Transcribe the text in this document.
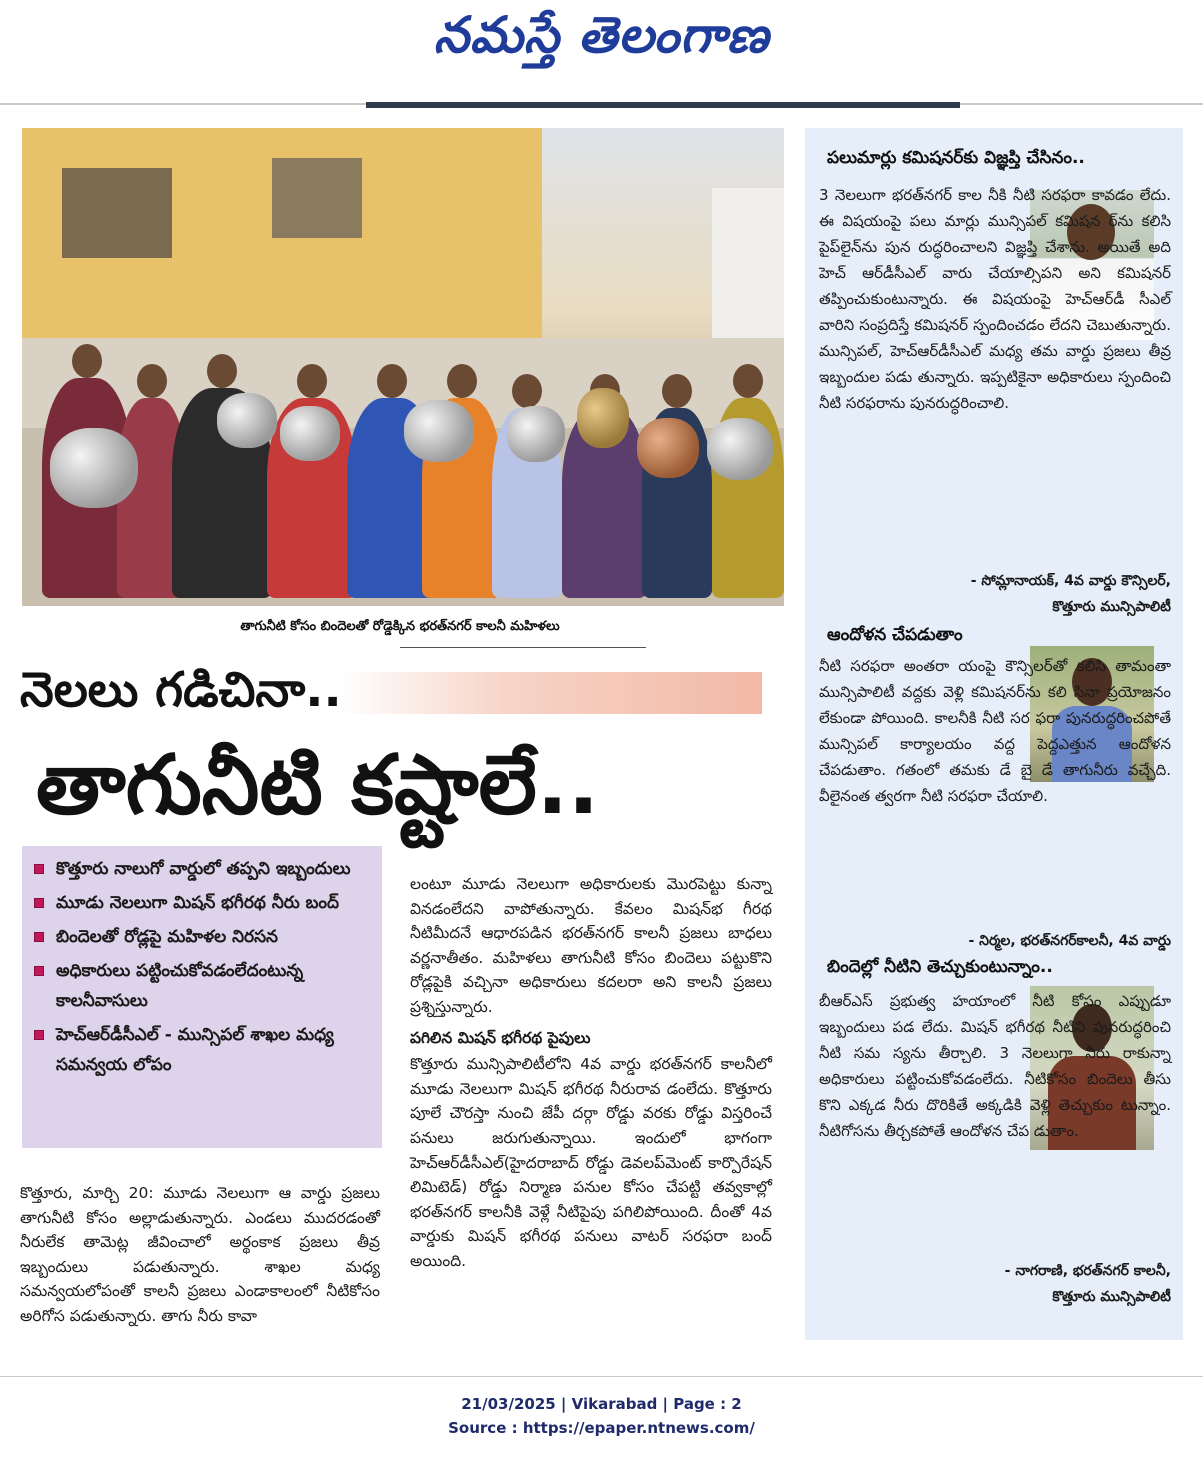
నమస్తే తెలంగాణ
తాగునీటి కోసం బిందెలతో రోడ్డెక్కిన భరత్‌నగర్ కాలనీ మహిళలు
నెలలు గడిచినా..
తాగునీటి కష్టాలే..
కొత్తూరు నాలుగో వార్డులో తప్పని ఇబ్బందులు
మూడు నెలలుగా మిషన్ భగీరథ నీరు బంద్
బిందెలతో రోడ్లపై మహిళల నిరసన
అధికారులు పట్టించుకోవడంలేదంటున్న కాలనీవాసులు
హెచ్ఆర్‌డీసీఎల్ - మున్సిపల్ శాఖల మధ్య సమన్వయ లోపం
కొత్తూరు, మార్చి 20: మూడు నెలలుగా ఆ వార్డు ప్రజలు తాగునీటి కోసం అల్లాడుతున్నారు. ఎండలు ముదరడంతో నీరులేక తామెట్ల జీవించాలో అర్థంకాక ప్రజలు తీవ్ర ఇబ్బందులు పడుతున్నారు. శాఖల మధ్య సమన్వయలోపంతో కాలనీ ప్రజలు ఎండాకాలంలో నీటికోసం అరిగోస పడుతున్నారు. తాగు నీరు కావా
లంటూ మూడు నెలలుగా అధికారులకు మొరపెట్టు కున్నా వినడంలేదని వాపోతున్నారు. కేవలం మిషన్‌భ గీరథ నీటిమీదనే ఆధారపడిన భరత్‌నగర్ కాలనీ ప్రజలు బాధలు వర్ణనాతీతం. మహిళలు తాగునీటి కోసం బిందెలు పట్టుకొని రోడ్లపైకి వచ్చినా అధికారులు కదలరా అని కాలనీ ప్రజలు ప్రశ్నిస్తున్నారు.
పగిలిన మిషన్ భగీరథ పైపులు
కొత్తూరు మున్సిపాలిటీలోని 4వ వార్డు భరత్‌నగర్ కాలనీలో మూడు నెలలుగా మిషన్ భగీరథ నీరురావ డంలేదు. కొత్తూరు పూలే చౌరస్తా నుంచి జేపీ దర్గా రోడ్డు వరకు రోడ్డు విస్తరించే పనులు జరుగుతున్నాయి. ఇందులో భాగంగా హెచ్ఆర్‌డీసీఎల్(హైదరాబాద్ రోడ్డు డెవలప్‌మెంట్ కార్పొరేషన్ లిమిటెడ్) రోడ్డు నిర్మాణ పనుల కోసం చేపట్టి తవ్వకాల్లో భరత్‌నగర్ కాలనీకి వెళ్లే నీటిపైపు పగిలిపోయింది. దీంతో 4వ వార్డుకు మిషన్ భగీరథ పనులు వాటర్ సరఫరా బంద్ అయింది.
పలుమార్లు కమిషనర్‌కు విజ్ఞప్తి చేసినం..
3 నెలలుగా భరత్‌నగర్ కాల నీకి నీటి సరఫరా కావడం లేదు. ఈ విషయంపై పలు మార్లు మున్సిపల్ కమిషన ర్‌ను కలిసి పైప్‌లైన్‌ను పున రుద్ధరించాలని విజ్ఞప్తి చేశాను. అయితే అది హెచ్ ఆర్‌డీసీఎల్ వారు చేయాల్సిపని అని కమిషనర్ తప్పించుకుంటున్నారు. ఈ విషయంపై హెచ్ఆర్‌డీ సీఎల్ వారిని సంప్రదిస్తే కమిషనర్ స్పందించడం లేదని చెబుతున్నారు. మున్సిపల్, హెచ్ఆర్‌డీసీఎల్ మధ్య తమ వార్డు ప్రజలు తీవ్ర ఇబ్బందుల పడు తున్నారు. ఇప్పటికైనా అధికారులు స్పందించి నీటి సరఫరాను పునరుద్ధరించాలి.
- సోమ్లానాయక్, 4వ వార్డు కౌన్సిలర్,
కొత్తూరు మున్సిపాలిటీ
ఆందోళన చేపడుతాం
నీటి సరఫరా అంతరా యంపై కౌన్సిలర్‌తో కలిసి తామంతా మున్సిపాలిటీ వద్దకు వెళ్లి కమిషనర్‌ను కలి సినా ప్రయోజనం లేకుండా పోయింది. కాలనీకి నీటి సర ఫరా పునరుద్ధరించపోతే మున్సిపల్ కార్యాలయం వద్ద పెద్దఎత్తున ఆందోళన చేపడుతాం. గతంలో తమకు డే బై డే తాగునీరు వచ్చేది. వీలైనంత త్వరగా నీటి సరఫరా చేయాలి.
- నిర్మల, భరత్‌నగర్‌కాలనీ, 4వ వార్డు
బిందెల్లో నీటిని తెచ్చుకుంటున్నాం..
బీఆర్ఎస్ ప్రభుత్వ హయాంలో నీటి కోసం ఎప్పుడూ ఇబ్బందులు పడ లేదు. మిషన్ భగీరథ నీటిని పునరుద్ధరించి నీటి సమ స్యను తీర్చాలి. 3 నెలలుగా నీరు రాకున్నా అధికారులు పట్టించుకోవడంలేదు. నీటికోసం బిందెలు తీసు కొని ఎక్కడ నీరు దొరికితే అక్కడికి వెళ్లి తెచ్చుకుం టున్నాం. నీటిగోసను తీర్చకపోతే ఆందోళన చేప డుతాం.
- నాగరాణి, భరత్‌నగర్ కాలనీ,
కొత్తూరు మున్సిపాలిటీ
21/03/2025 | Vikarabad | Page : 2
Source : https://epaper.ntnews.com/
